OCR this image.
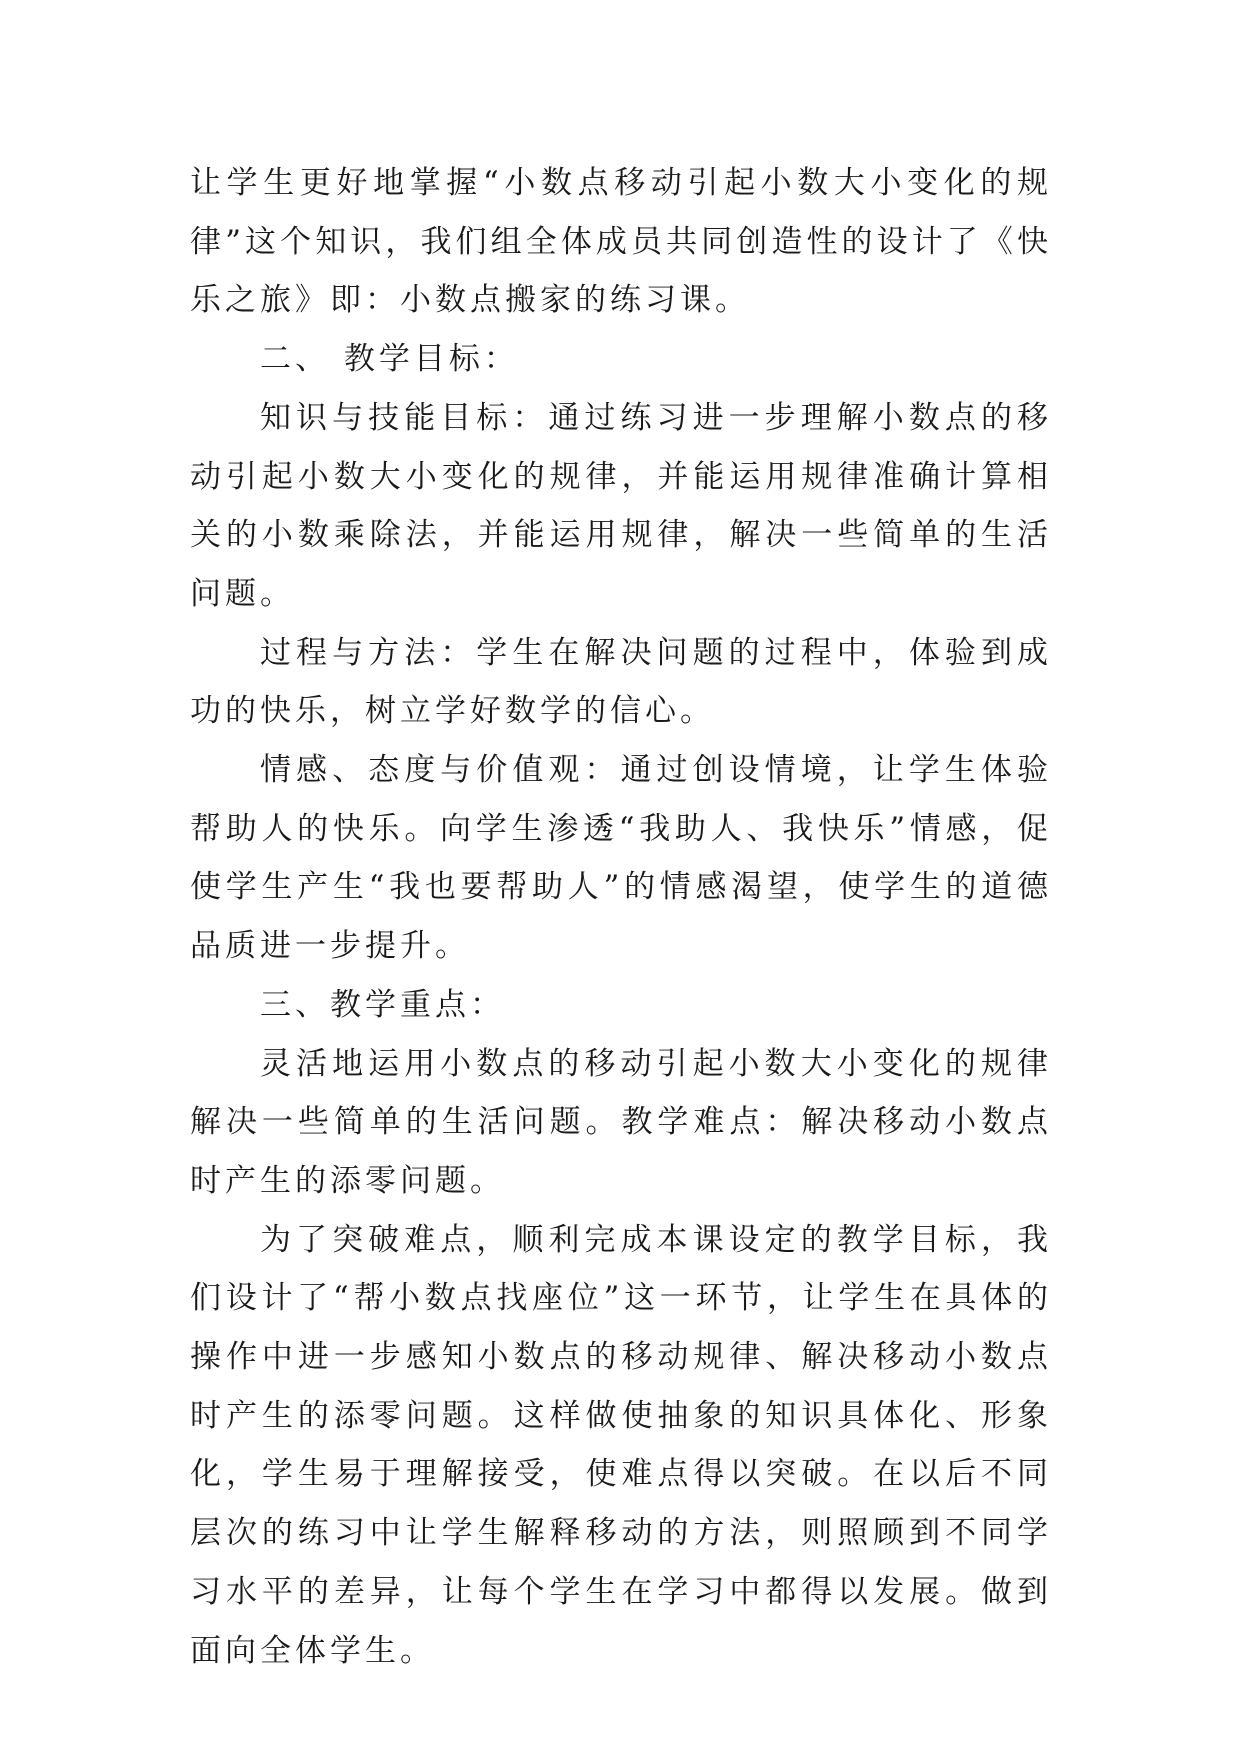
让学生更好地掌握“小数点移动引起小数大小变化的规律”这个知识，我们组全体成员共同创造性的设计了《快乐之旅》即：小数点搬家的练习课。

二、 教学目标：

知识与技能目标：通过练习进一步理解小数点的移动引起小数大小变化的规律，并能运用规律准确计算相关的小数乘除法，并能运用规律，解决一些简单的生活问题。

过程与方法：学生在解决问题的过程中，体验到成功的快乐，树立学好数学的信心。

情感、态度与价值观：通过创设情境，让学生体验帮助人的快乐。向学生渗透“我助人、我快乐”情感，促使学生产生“我也要帮助人”的情感渴望，使学生的道德品质进一步提升。

三、教学重点：

灵活地运用小数点的移动引起小数大小变化的规律解决一些简单的生活问题。教学难点：解决移动小数点时产生的添零问题。

为了突破难点，顺利完成本课设定的教学目标，我们设计了“帮小数点找座位”这一环节，让学生在具体的操作中进一步感知小数点的移动规律、解决移动小数点时产生的添零问题。这样做使抽象的知识具体化、形象化，学生易于理解接受，使难点得以突破。在以后不同层次的练习中让学生解释移动的方法，则照顾到不同学习水平的差异，让每个学生在学习中都得以发展。做到面向全体学生。
